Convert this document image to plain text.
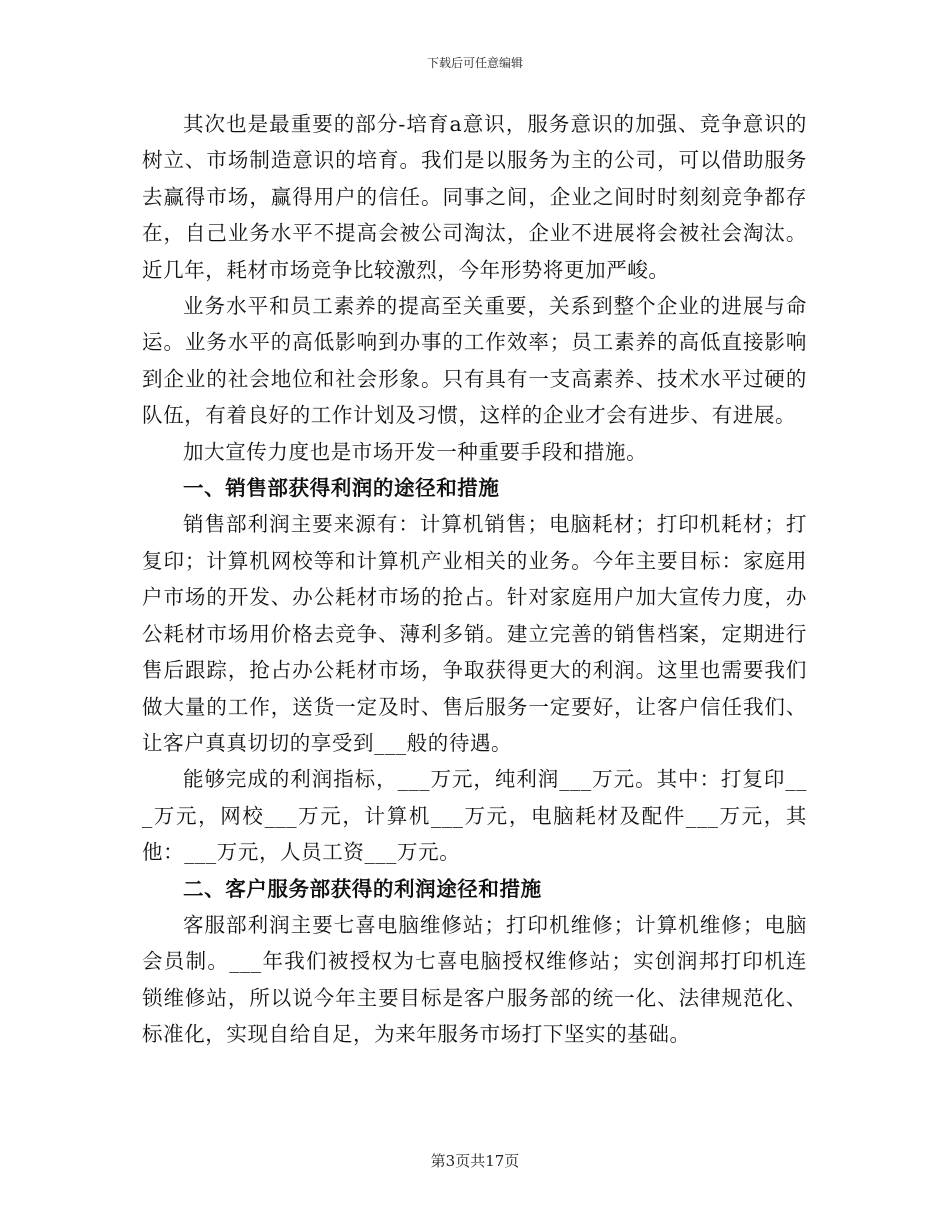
下载后可任意编辑

其次也是最重要的部分-培育a意识，服务意识的加强、竞争意识的树立、市场制造意识的培育。我们是以服务为主的公司，可以借助服务去赢得市场，赢得用户的信任。同事之间，企业之间时时刻刻竞争都存在，自己业务水平不提高会被公司淘汰，企业不进展将会被社会淘汰。近几年，耗材市场竞争比较激烈，今年形势将更加严峻。

业务水平和员工素养的提高至关重要，关系到整个企业的进展与命运。业务水平的高低影响到办事的工作效率；员工素养的高低直接影响到企业的社会地位和社会形象。只有具有一支高素养、技术水平过硬的队伍，有着良好的工作计划及习惯，这样的企业才会有进步、有进展。

加大宣传力度也是市场开发一种重要手段和措施。

一、销售部获得利润的途径和措施

销售部利润主要来源有：计算机销售；电脑耗材；打印机耗材；打复印；计算机网校等和计算机产业相关的业务。今年主要目标：家庭用户市场的开发、办公耗材市场的抢占。针对家庭用户加大宣传力度，办公耗材市场用价格去竞争、薄利多销。建立完善的销售档案，定期进行售后跟踪，抢占办公耗材市场，争取获得更大的利润。这里也需要我们做大量的工作，送货一定及时、售后服务一定要好，让客户信任我们、让客户真真切切的享受到___般的待遇。

能够完成的利润指标，___万元，纯利润___万元。其中：打复印___万元，网校___万元，计算机___万元，电脑耗材及配件___万元，其他：___万元，人员工资___万元。

二、客户服务部获得的利润途径和措施

客服部利润主要七喜电脑维修站；打印机维修；计算机维修；电脑会员制。___年我们被授权为七喜电脑授权维修站；实创润邦打印机连锁维修站，所以说今年主要目标是客户服务部的统一化、法律规范化、标准化，实现自给自足，为来年服务市场打下坚实的基础。

第3页共17页
